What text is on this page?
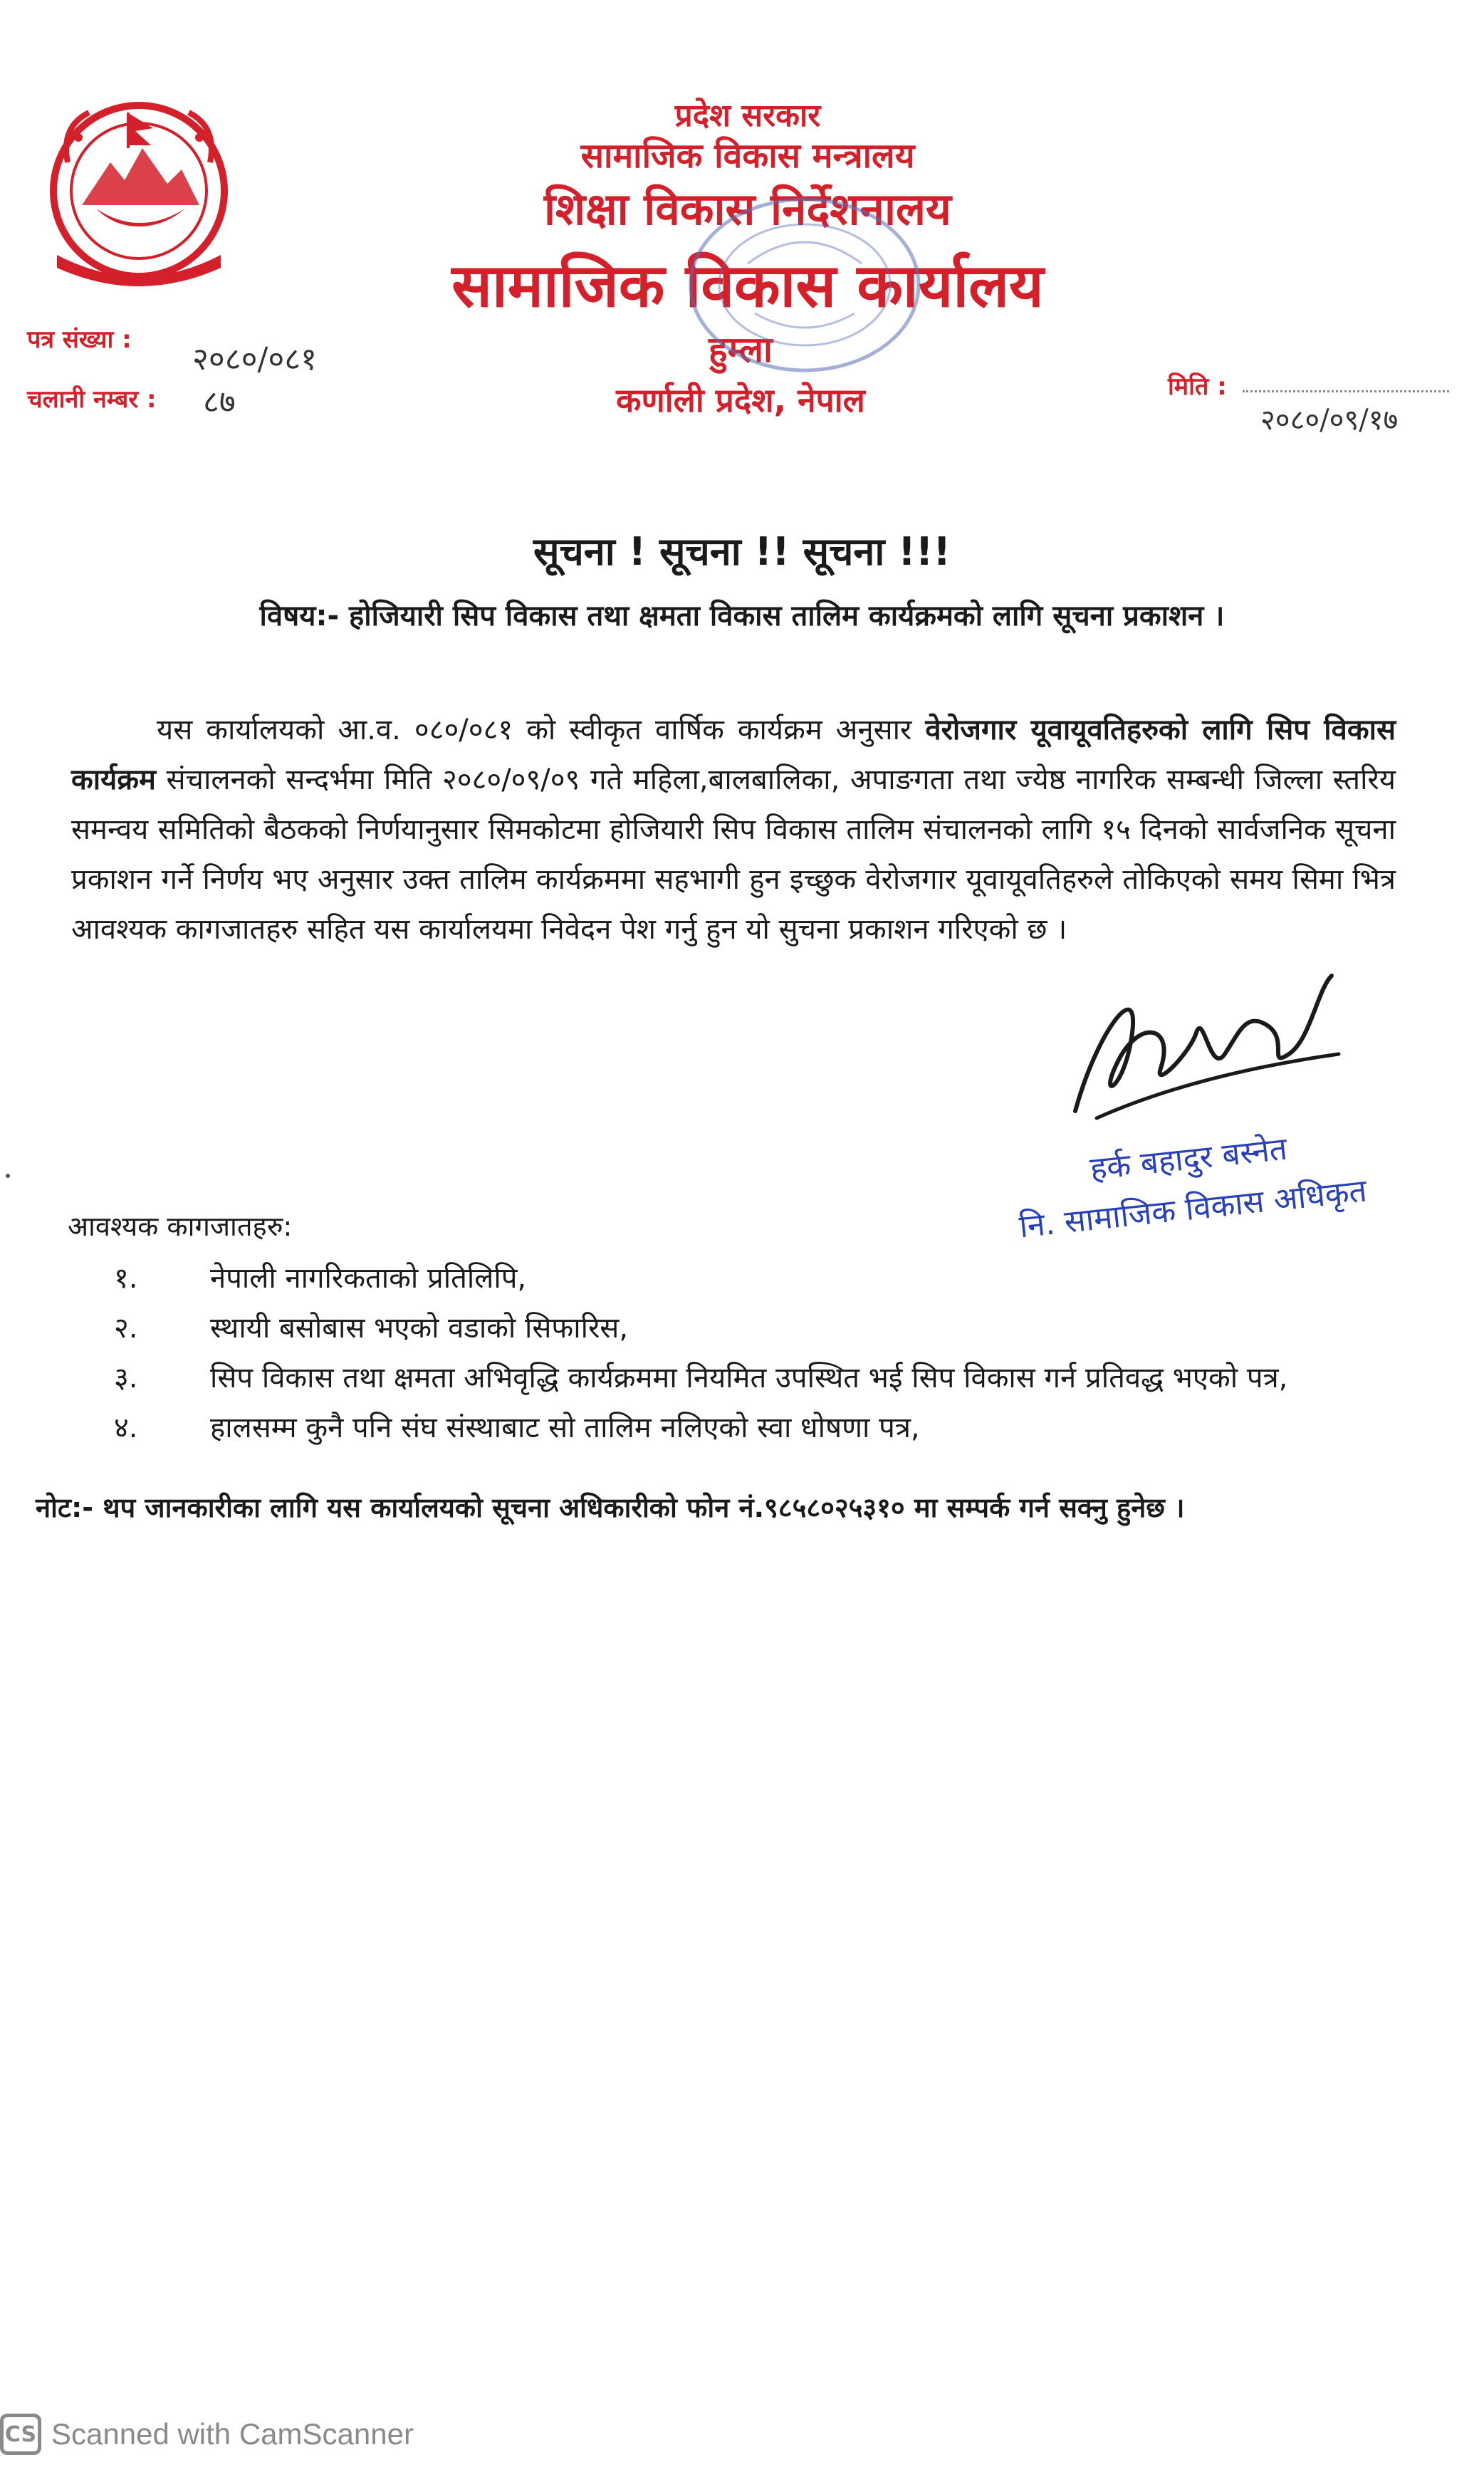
प्रदेश सरकार
सामाजिक विकास मन्त्रालय
शिक्षा विकास निर्देशनालय
सामाजिक विकास कार्यालय
हुम्ला
कर्णाली प्रदेश, नेपाल
पत्र संख्या :
२०८०/०८१
चलानी नम्बर : ८७	मिति :
२०८०/०९/१७
सूचना ! सूचना !! सूचना !!!
विषय:- होजियारी सिप विकास तथा क्षमता विकास तालिम कार्यक्रमको लागि सूचना प्रकाशन ।
यस कार्यालयको आ.व. ०८०/०८१ को स्वीकृत वार्षिक कार्यक्रम अनुसार वेरोजगार यूवायूवतिहरुको लागि सिप विकास कार्यक्रम संचालनको सन्दर्भमा मिति २०८०/०९/०९ गते महिला,बालबालिका, अपाङगता तथा ज्येष्ठ नागरिक सम्बन्धी जिल्ला स्तरिय समन्वय समितिको बैठकको निर्णयानुसार सिमकोटमा होजियारी सिप विकास तालिम संचालनको लागि १५ दिनको सार्वजनिक सूचना प्रकाशन गर्ने निर्णय भए अनुसार उक्त तालिम कार्यक्रममा सहभागी हुन इच्छुक वेरोजगार यूवायूवतिहरुले तोकिएको समय सिमा भित्र आवश्यक कागजातहरु सहित यस कार्यालयमा निवेदन पेश गर्नु हुन यो सुचना प्रकाशन गरिएको छ ।
हर्क बहादुर बस्नेत
नि. सामाजिक विकास अधिकृत
आवश्यक कागजातहरु:
१.	नेपाली नागरिकताको प्रतिलिपि,
२.	स्थायी बसोबास भएको वडाको सिफारिस,
३.	सिप विकास तथा क्षमता अभिवृद्धि कार्यक्रममा नियमित उपस्थित भई सिप विकास गर्न प्रतिवद्ध भएको पत्र,
४.	हालसम्म कुनै पनि संघ संस्थाबाट सो तालिम नलिएको स्वा धोषणा पत्र,
नोट:- थप जानकारीका लागि यस कार्यालयको सूचना अधिकारीको फोन नं.९८५८०२५३१० मा सम्पर्क गर्न सक्नु हुनेछ ।
CS Scanned with CamScanner
